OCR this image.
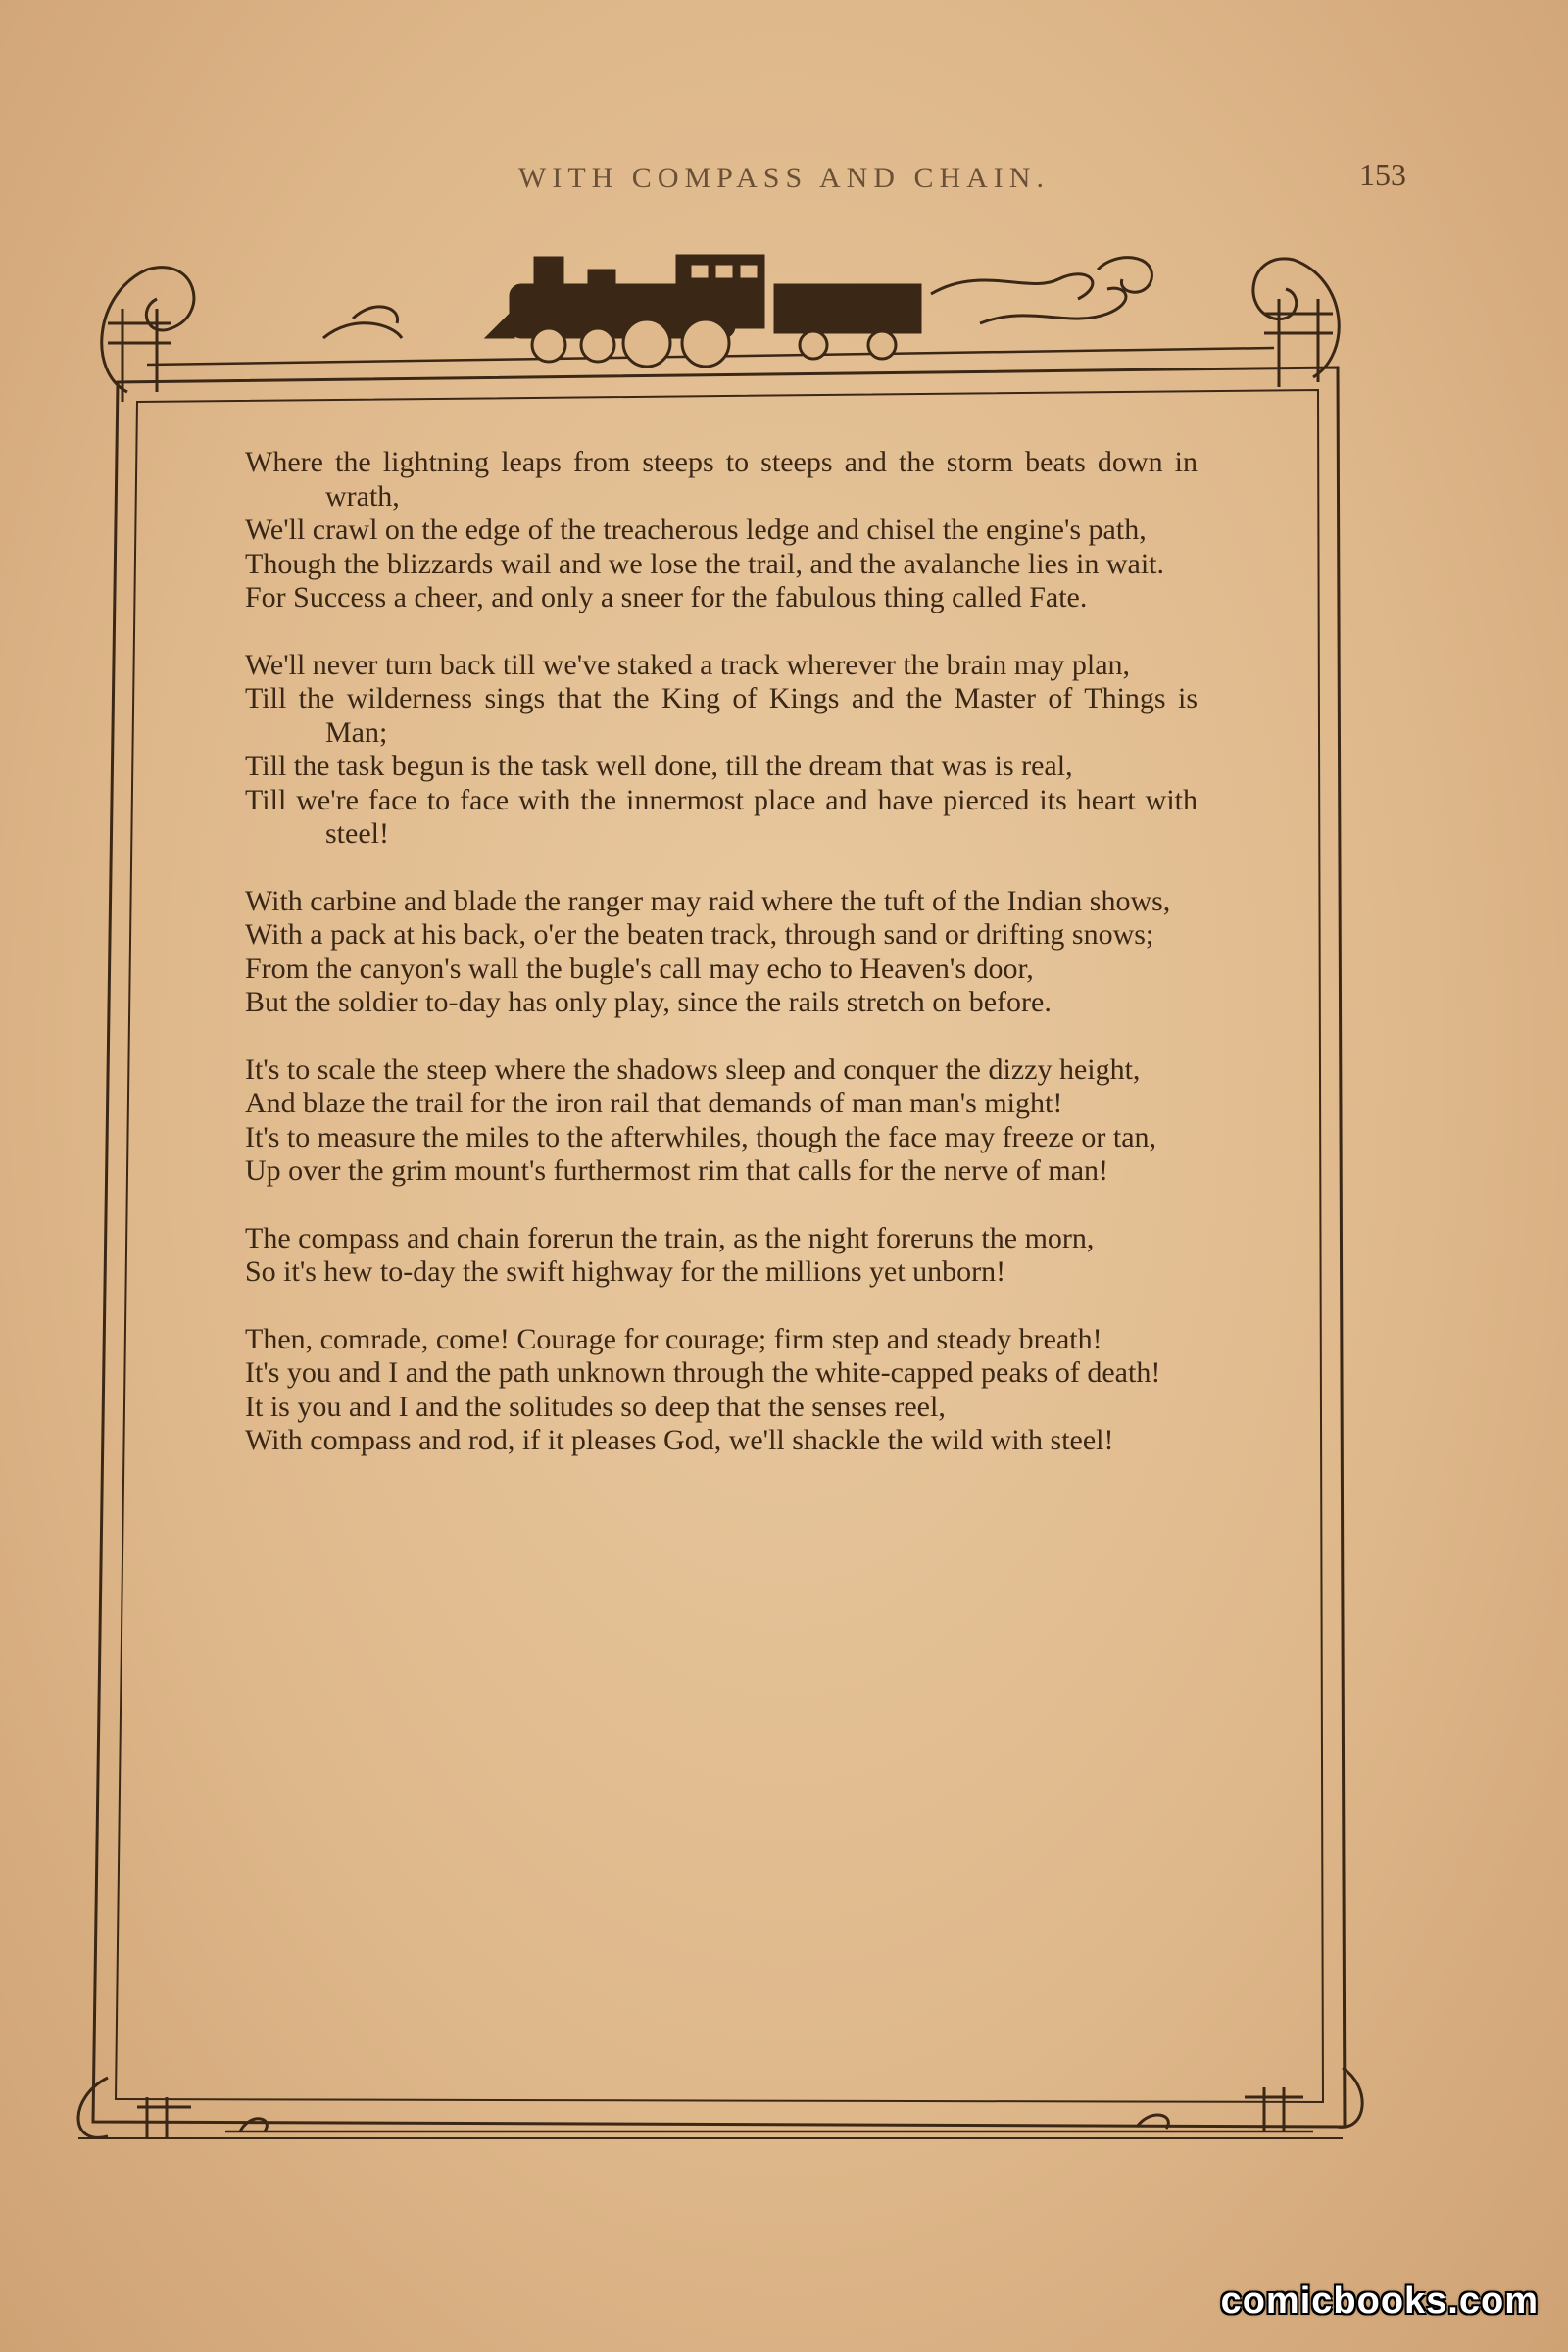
WITH COMPASS AND CHAIN.	153
Where the lightning leaps from steeps to steeps and the storm beats down in wrath,
We'll crawl on the edge of the treacherous ledge and chisel the engine's path,
Though the blizzards wail and we lose the trail, and the avalanche lies in wait.
For Success a cheer, and only a sneer for the fabulous thing called Fate.
We'll never turn back till we've staked a track wherever the brain may plan,
Till the wilderness sings that the King of Kings and the Master of Things is Man;
Till the task begun is the task well done, till the dream that was is real,
Till we're face to face with the innermost place and have pierced its heart with steel!
With carbine and blade the ranger may raid where the tuft of the Indian shows,
With a pack at his back, o'er the beaten track, through sand or drifting snows;
From the canyon's wall the bugle's call may echo to Heaven's door,
But the soldier to-day has only play, since the rails stretch on before.
It's to scale the steep where the shadows sleep and conquer the dizzy height,
And blaze the trail for the iron rail that demands of man man's might!
It's to measure the miles to the afterwhiles, though the face may freeze or tan,
Up over the grim mount's furthermost rim that calls for the nerve of man!
The compass and chain forerun the train, as the night foreruns the morn,
So it's hew to-day the swift highway for the millions yet unborn!
Then, comrade, come! Courage for courage; firm step and steady breath!
It's you and I and the path unknown through the white-capped peaks of death!
It is you and I and the solitudes so deep that the senses reel,
With compass and rod, if it pleases God, we'll shackle the wild with steel!
comicbooks.com
